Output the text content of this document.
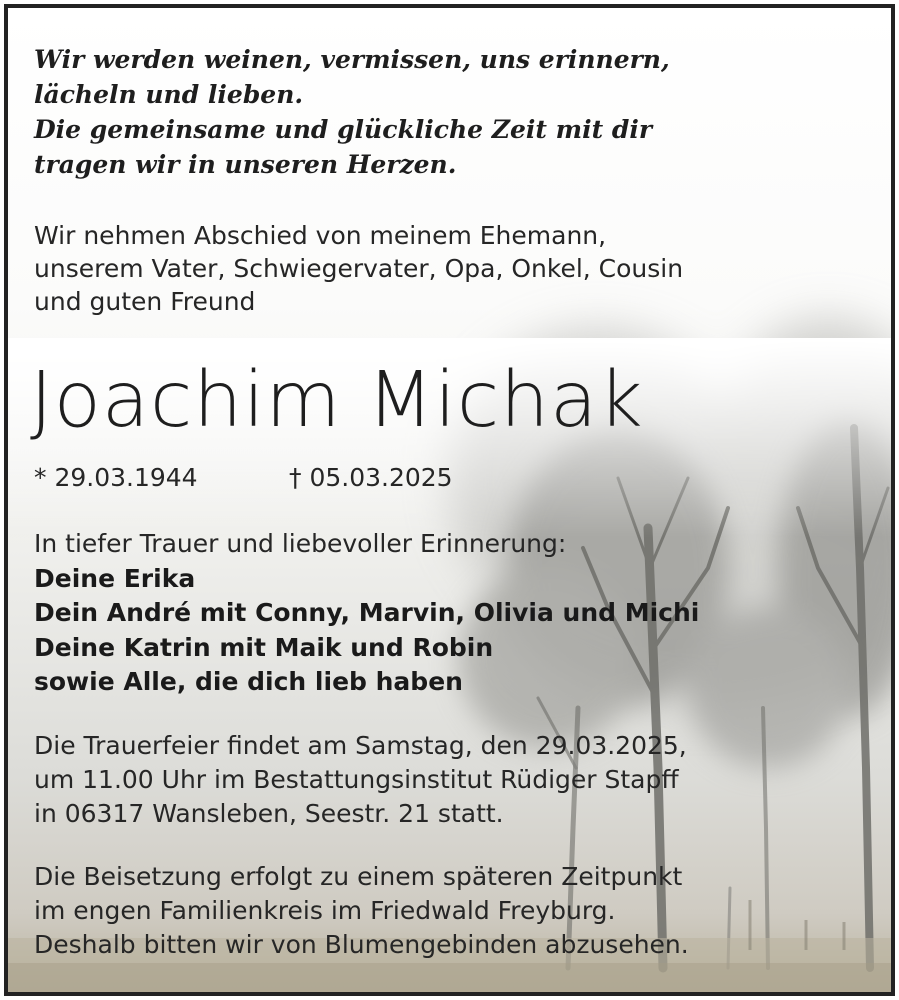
Wir werden weinen, vermissen, uns erinnern,
lächeln und lieben.
Die gemeinsame und glückliche Zeit mit dir
tragen wir in unseren Herzen.
Wir nehmen Abschied von meinem Ehemann,
unserem Vater, Schwiegervater, Opa, Onkel, Cousin
und guten Freund
Joachim Michak
* 29.03.1944	† 05.03.2025
In tiefer Trauer und liebevoller Erinnerung:
Deine Erika
Dein André mit Conny, Marvin, Olivia und Michi
Deine Katrin mit Maik und Robin
sowie Alle, die dich lieb haben
Die Trauerfeier findet am Samstag, den 29.03.2025,
um 11.00 Uhr im Bestattungsinstitut Rüdiger Stapff
in 06317 Wansleben, Seestr. 21 statt.
Die Beisetzung erfolgt zu einem späteren Zeitpunkt
im engen Familienkreis im Friedwald Freyburg.
Deshalb bitten wir von Blumengebinden abzusehen.
